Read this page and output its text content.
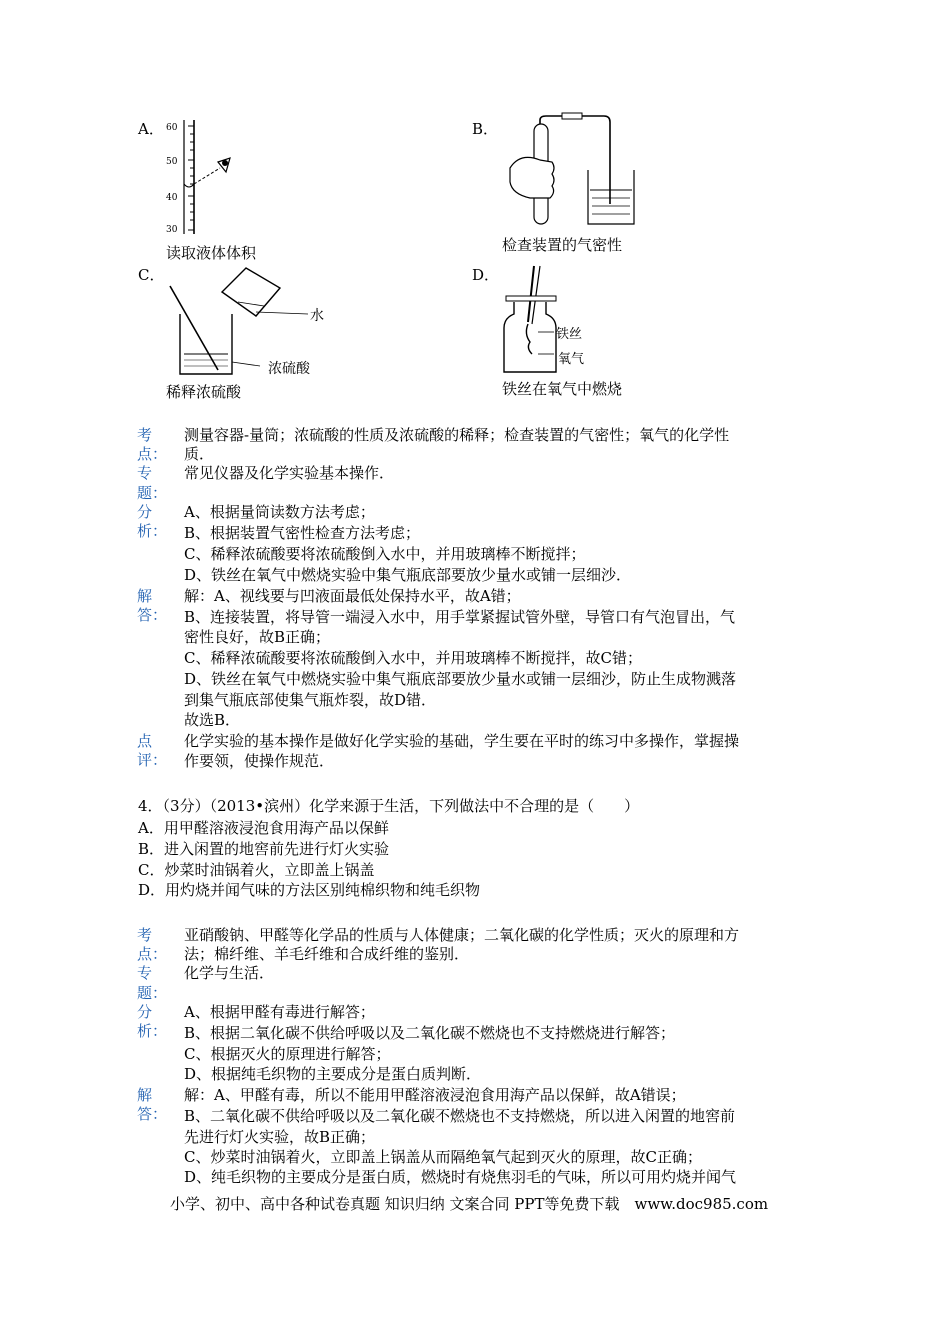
A． 60
50
40
30
读取液体体积
B．
检查装置的气密性
C．
水
浓硫酸
稀释浓硫酸
D．
铁丝
氧气
铁丝在氧气中燃烧
考
点：
测量容器-量筒；浓硫酸的性质及浓硫酸的稀释；检查装置的气密性；氧气的化学性
质．
专
题：
常见仪器及化学实验基本操作．
分
析：
A、根据量筒读数方法考虑；
B、根据装置气密性检查方法考虑；
C、稀释浓硫酸要将浓硫酸倒入水中，并用玻璃棒不断搅拌；
D、铁丝在氧气中燃烧实验中集气瓶底部要放少量水或铺一层细沙．
解
答：
解：A、视线要与凹液面最低处保持水平，故A错；
B、连接装置，将导管一端浸入水中，用手掌紧握试管外壁，导管口有气泡冒出，气
密性良好，故B正确；
C、稀释浓硫酸要将浓硫酸倒入水中，并用玻璃棒不断搅拌，故C错；
D、铁丝在氧气中燃烧实验中集气瓶底部要放少量水或铺一层细沙，防止生成物溅落
到集气瓶底部使集气瓶炸裂，故D错．
故选B．
点
评：
化学实验的基本操作是做好化学实验的基础，学生要在平时的练习中多操作，掌握操
作要领，使操作规范．
4．（3分）（2013•滨州）化学来源于生活，下列做法中不合理的是（　　）
A．用甲醛溶液浸泡食用海产品以保鲜
B．进入闲置的地窖前先进行灯火实验
C．炒菜时油锅着火，立即盖上锅盖
D．用灼烧并闻气味的方法区别纯棉织物和纯毛织物
考
点：
亚硝酸钠、甲醛等化学品的性质与人体健康；二氧化碳的化学性质；灭火的原理和方
法；棉纤维、羊毛纤维和合成纤维的鉴别．
专
题：
化学与生活．
分
析：
A、根据甲醛有毒进行解答；
B、根据二氧化碳不供给呼吸以及二氧化碳不燃烧也不支持燃烧进行解答；
C、根据灭火的原理进行解答；
D、根据纯毛织物的主要成分是蛋白质判断．
解
答：
解：A、甲醛有毒，所以不能用甲醛溶液浸泡食用海产品以保鲜，故A错误；
B、二氧化碳不供给呼吸以及二氧化碳不燃烧也不支持燃烧，所以进入闲置的地窖前
先进行灯火实验，故B正确；
C、炒菜时油锅着火，立即盖上锅盖从而隔绝氧气起到灭火的原理，故C正确；
D、纯毛织物的主要成分是蛋白质，燃烧时有烧焦羽毛的气味，所以可用灼烧并闻气
小学、初中、高中各种试卷真题 知识归纳 文案合同 PPT等免费下载　www.doc985.com
